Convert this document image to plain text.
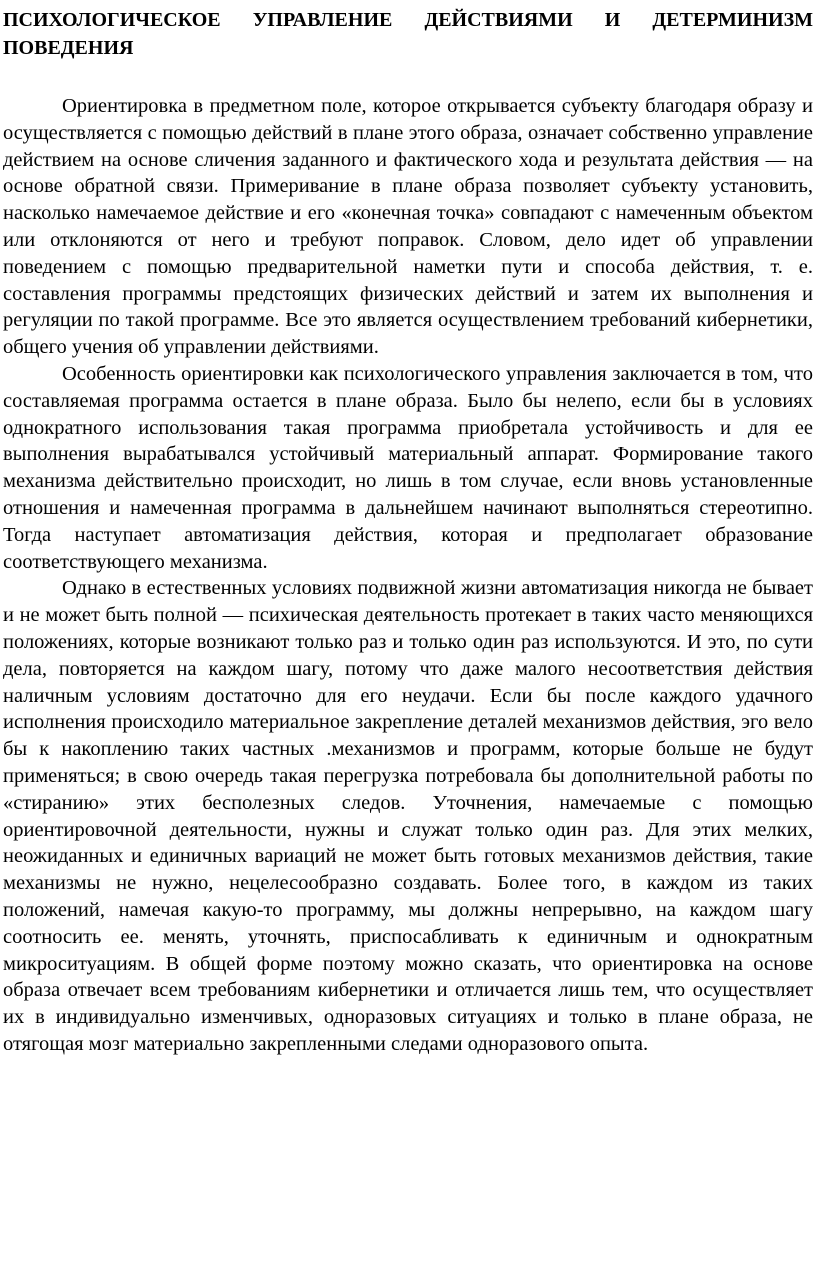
ПСИХОЛОГИЧЕСКОЕ УПРАВЛЕНИЕ ДЕЙСТВИЯМИ И ДЕТЕРМИНИЗМ ПОВЕДЕНИЯ

Ориентировка в предметном поле, которое открывается субъекту благодаря образу и осуществляется с помощью действий в плане этого образа, означает собственно управление действием на основе сличения заданного и фактического хода и результата действия — на основе обратной связи. Примеривание в плане образа позволяет субъекту установить, насколько намечаемое действие и его «конечная точка» совпадают с намеченным объектом или отклоняются от него и требуют поправок. Словом, дело идет об управлении поведением с помощью предварительной наметки пути и способа действия, т. е. составления программы предстоящих физических действий и затем их выполнения и регуляции по такой программе. Все это является осуществлением требований кибернетики, общего учения об управлении действиями.

Особенность ориентировки как психологического управления заключается в том, что составляемая программа остается в плане образа. Было бы нелепо, если бы в условиях однократного использования такая программа приобретала устойчивость и для ее выполнения вырабатывался устойчивый материальный аппарат. Формирование такого механизма действительно происходит, но лишь в том случае, если вновь установленные отношения и намеченная программа в дальнейшем начинают выполняться стереотипно. Тогда наступает автоматизация действия, которая и предполагает образование соответствующего механизма.

Однако в естественных условиях подвижной жизни автоматизация никогда не бывает и не может быть полной — психическая деятельность протекает в таких часто меняющихся положениях, которые возникают только раз и только один раз используются. И это, по сути дела, повторяется на каждом шагу, потому что даже малого несоответствия действия наличным условиям достаточно для его неудачи. Если бы после каждого удачного исполнения происходило материальное закрепление деталей механизмов действия, эго вело бы к накоплению таких частных .механизмов и программ, которые больше не будут применяться; в свою очередь такая перегрузка потребовала бы дополнительной работы по «стиранию» этих бесполезных следов. Уточнения, намечаемые с помощью ориентировочной деятельности, нужны и служат только один раз. Для этих мелких, неожиданных и единичных вариаций не может быть готовых механизмов действия, такие механизмы не нужно, нецелесообразно создавать. Более того, в каждом из таких положений, намечая какую-то программу, мы должны непрерывно, на каждом шагу соотносить ее. менять, уточнять, приспосабливать к единичным и однократным микроситуациям. В общей форме поэтому можно сказать, что ориентировка на основе образа отвечает всем требованиям кибернетики и отличается лишь тем, что осуществляет их в индивидуально изменчивых, одноразовых ситуациях и только в плане образа, не отягощая мозг материально закрепленными следами одноразового опыта.
